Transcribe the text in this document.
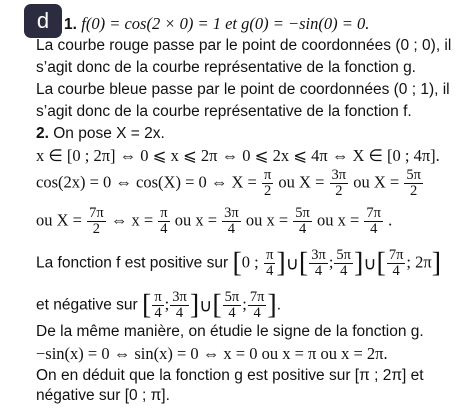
d 1. f(0) = cos(2 × 0) = 1 et g(0) = −sin(0) = 0.
La courbe rouge passe par le point de coordonnées (0 ; 0), il
s’agit donc de la courbe représentative de la fonction g.
La courbe bleue passe par le point de coordonnées (0 ; 1), il
s’agit donc de la courbe représentative de la fonction f.
2. On pose X = 2x.
x ∈ [0 ; 2π] ⇔ 0 ⩽ x ⩽ 2π ⇔ 0 ⩽ 2x ⩽ 4π ⇔ X ∈ [0 ; 4π].
cos(2x) = 0 ⇔ cos(X) = 0 ⇔ $X = \frac{\pi}{2}$ ou $X = \frac{3\pi}{2}$ ou $X = \frac{5\pi}{2}$
ou $X = \frac{7\pi}{2}$ ⇔ $x = \frac{\pi}{4}$ ou $x = \frac{3\pi}{4}$ ou $x = \frac{5\pi}{4}$ ou $x = \frac{7\pi}{4}$ .
La fonction f est positive sur [0 ; $\frac{\pi}{4}$ ]∪[ $\frac{3\pi}{4}$ ; $\frac{5\pi}{4}$ ]∪[ $\frac{7\pi}{4}$ ; 2π]
et négative sur [ $\frac{\pi}{4}$ ; $\frac{3\pi}{4}$ ]∪[ $\frac{5\pi}{4}$ ; $\frac{7\pi}{4}$ ].
De la même manière, on étudie le signe de la fonction g.
−sin(x) = 0 ⇔ sin(x) = 0 ⇔ x = 0 ou x = π ou x = 2π.
On en déduit que la fonction g est positive sur [π ; 2π] et
négative sur [0 ; π].
